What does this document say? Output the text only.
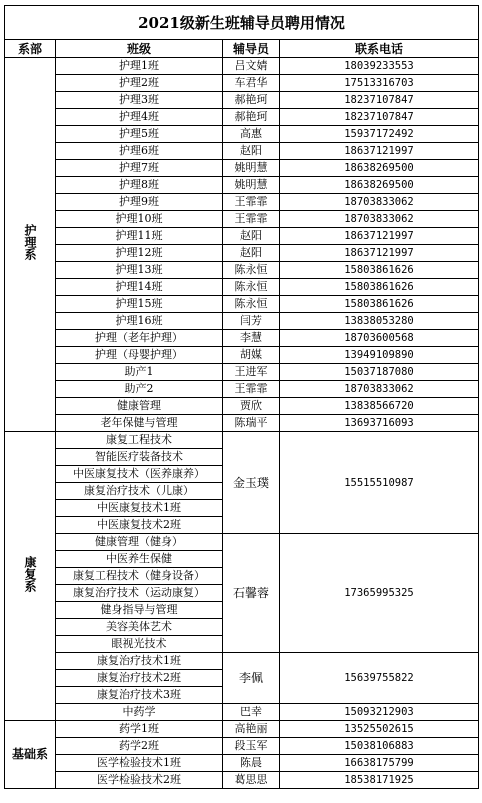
2021级新生班辅导员聘用情况			
系部	班级	辅导员	联系电话
护理系	护理1班	吕文婧	18039233553
	护理2班	车君华	17513316703
	护理3班	郝艳珂	18237107847
	护理4班	郝艳珂	18237107847
	护理5班	高惠	15937172492
	护理6班	赵阳	18637121997
	护理7班	姚明慧	18638269500
	护理8班	姚明慧	18638269500
	护理9班	王霏霏	18703833062
	护理10班	王霏霏	18703833062
	护理11班	赵阳	18637121997
	护理12班	赵阳	18637121997
	护理13班	陈永恒	15803861626
	护理14班	陈永恒	15803861626
	护理15班	陈永恒	15803861626
	护理16班	闫芳	13838053280
	护理（老年护理）	李慧	18703600568
	护理（母婴护理）	胡媒	13949109890
	助产1	王进军	15037187080
	助产2	王霏霏	18703833062
	健康管理	贾欣	13838566720
	老年保健与管理	陈瑞平	13693716093
康复系	康复工程技术	金玉璞	15515510987
	智能医疗装备技术		
	中医康复技术（医养康养）		
	康复治疗技术（儿康）		
	中医康复技术1班		
	中医康复技术2班		
	健康管理（健身）	石馨蓉	17365995325
	中医养生保健		
	康复工程技术（健身设备）		
	康复治疗技术（运动康复）		
	健身指导与管理		
	美容美体艺术		
	眼视光技术		
	康复治疗技术1班	李佩	15639755822
	康复治疗技术2班		
	康复治疗技术3班		
	中药学	巴幸	15093212903
基础系	药学1班	高艳丽	13525502615
	药学2班	段玉军	15038106883
	医学检验技术1班	陈晨	16638175799
	医学检验技术2班	葛思思	18538171925
